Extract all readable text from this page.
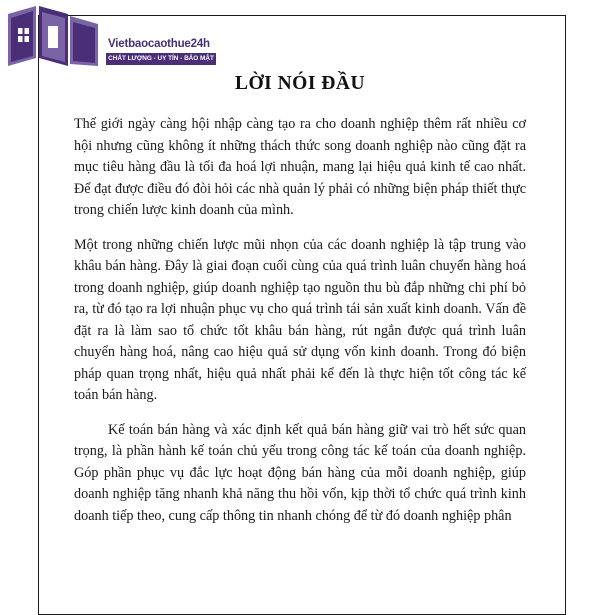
Vietbaocaothue24h
CHẤT LƯỢNG - UY TÍN - BẢO MẬT
LỜI NÓI ĐẦU

Thế giới ngày càng hội nhập càng tạo ra cho doanh nghiệp thêm rất nhiều cơ hội nhưng cũng không ít những thách thức song doanh nghiệp nào cũng đặt ra mục tiêu hàng đầu là tối đa hoá lợi nhuận, mang lại hiệu quả kinh tế cao nhất. Để đạt được điều đó đòi hỏi các nhà quản lý phải có những biện pháp thiết thực trong chiến lược kinh doanh của mình.

Một trong những chiến lược mũi nhọn của các doanh nghiệp là tập trung vào khâu bán hàng. Đây là giai đoạn cuối cùng của quá trình luân chuyển hàng hoá trong doanh nghiệp, giúp doanh nghiệp tạo nguồn thu bù đắp những chi phí bỏ ra, từ đó tạo ra lợi nhuận phục vụ cho quá trình tái sản xuất kinh doanh. Vấn đề đặt ra là làm sao tổ chức tốt khâu bán hàng, rút ngắn được quá trình luân chuyển hàng hoá, nâng cao hiệu quả sử dụng vốn kinh doanh. Trong đó biện pháp quan trọng nhất, hiệu quả nhất phải kể đến là thực hiện tốt công tác kế toán bán hàng.

Kế toán bán hàng và xác định kết quả bán hàng giữ vai trò hết sức quan trọng, là phần hành kế toán chủ yếu trong công tác kế toán của doanh nghiệp. Góp phần phục vụ đắc lực hoạt động bán hàng của mỗi doanh nghiệp, giúp doanh nghiệp tăng nhanh khả năng thu hồi vốn, kịp thời tổ chức quá trình kinh doanh tiếp theo, cung cấp thông tin nhanh chóng để từ đó doanh nghiệp phân
